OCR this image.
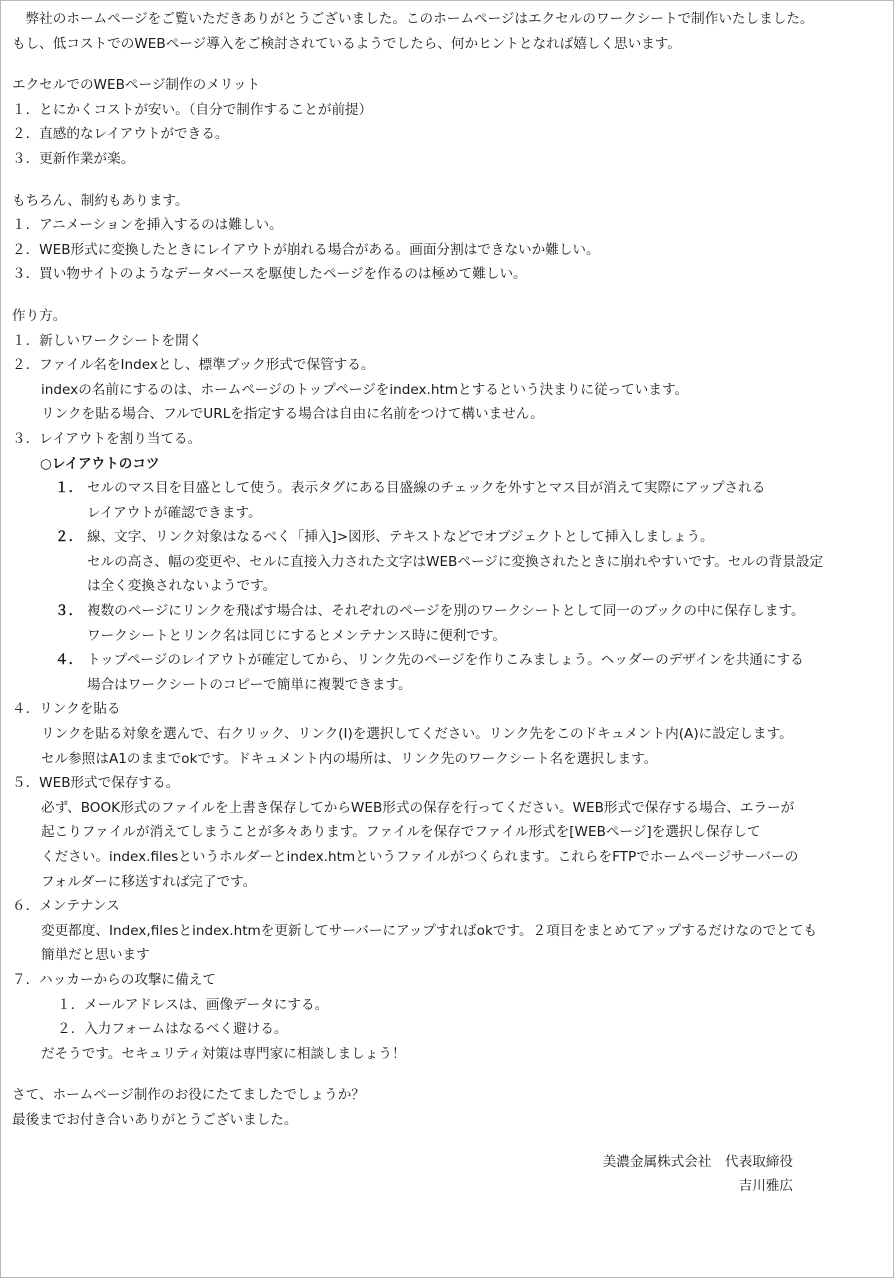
　弊社のホームページをご覧いただきありがとうございました。このホームページはエクセルのワークシートで制作いたしました。
もし、低コストでのWEBページ導入をご検討されているようでしたら、何かヒントとなれば嬉しく思います。
エクセルでのWEBページ制作のメリット
１．とにかくコストが安い。（自分で制作することが前提）
２．直感的なレイアウトができる。
３．更新作業が楽。
もちろん、制約もあります。
１．アニメーションを挿入するのは難しい。
２．WEB形式に変換したときにレイアウトが崩れる場合がある。画面分割はできないか難しい。
３．買い物サイトのようなデータベースを駆使したページを作るのは極めて難しい。
作り方。
１．新しいワークシートを開く
２．ファイル名をIndexとし、標準ブック形式で保管する。
indexの名前にするのは、ホームページのトップページをindex.htmとするという決まりに従っています。
リンクを貼る場合、フルでURLを指定する場合は自由に名前をつけて構いません。
３．レイアウトを割り当てる。
○レイアウトのコツ
１． セルのマス目を目盛として使う。表示タグにある目盛線のチェックを外すとマス目が消えて実際にアップされる
レイアウトが確認できます。
２． 線、文字、リンク対象はなるべく「挿入]>図形、テキストなどでオブジェクトとして挿入しましょう。
セルの高さ、幅の変更や、セルに直接入力された文字はWEBページに変換されたときに崩れやすいです。セルの背景設定
は全く変換されないようです。
３． 複数のページにリンクを飛ばす場合は、それぞれのページを別のワークシートとして同一のブックの中に保存します。
ワークシートとリンク名は同じにするとメンテナンス時に便利です。
４． トップページのレイアウトが確定してから、リンク先のページを作りこみましょう。ヘッダーのデザインを共通にする
場合はワークシートのコピーで簡単に複製できます。
４．リンクを貼る
リンクを貼る対象を選んで、右クリック、リンク(I)を選択してください。リンク先をこのドキュメント内(A)に設定します。
セル参照はA1のままでokです。ドキュメント内の場所は、リンク先のワークシート名を選択します。
５．WEB形式で保存する。
必ず、BOOK形式のファイルを上書き保存してからWEB形式の保存を行ってください。WEB形式で保存する場合、エラーが
起こりファイルが消えてしまうことが多々あります。ファイルを保存でファイル形式を[WEBページ]を選択し保存して
ください。index.filesというホルダーとindex.htmというファイルがつくられます。これらをFTPでホームページサーバーの
フォルダーに移送すれば完了です。
６．メンテナンス
変更都度、Index,filesとindex.htmを更新してサーバーにアップすればokです。２項目をまとめてアップするだけなのでとても
簡単だと思います
７．ハッカーからの攻撃に備えて
１．メールアドレスは、画像データにする。
２．入力フォームはなるべく避ける。
だそうです。セキュリティ対策は専門家に相談しましょう！
さて、ホームページ制作のお役にたてましたでしょうか？
最後までお付き合いありがとうございました。
美濃金属株式会社　代表取締役
吉川雅広
